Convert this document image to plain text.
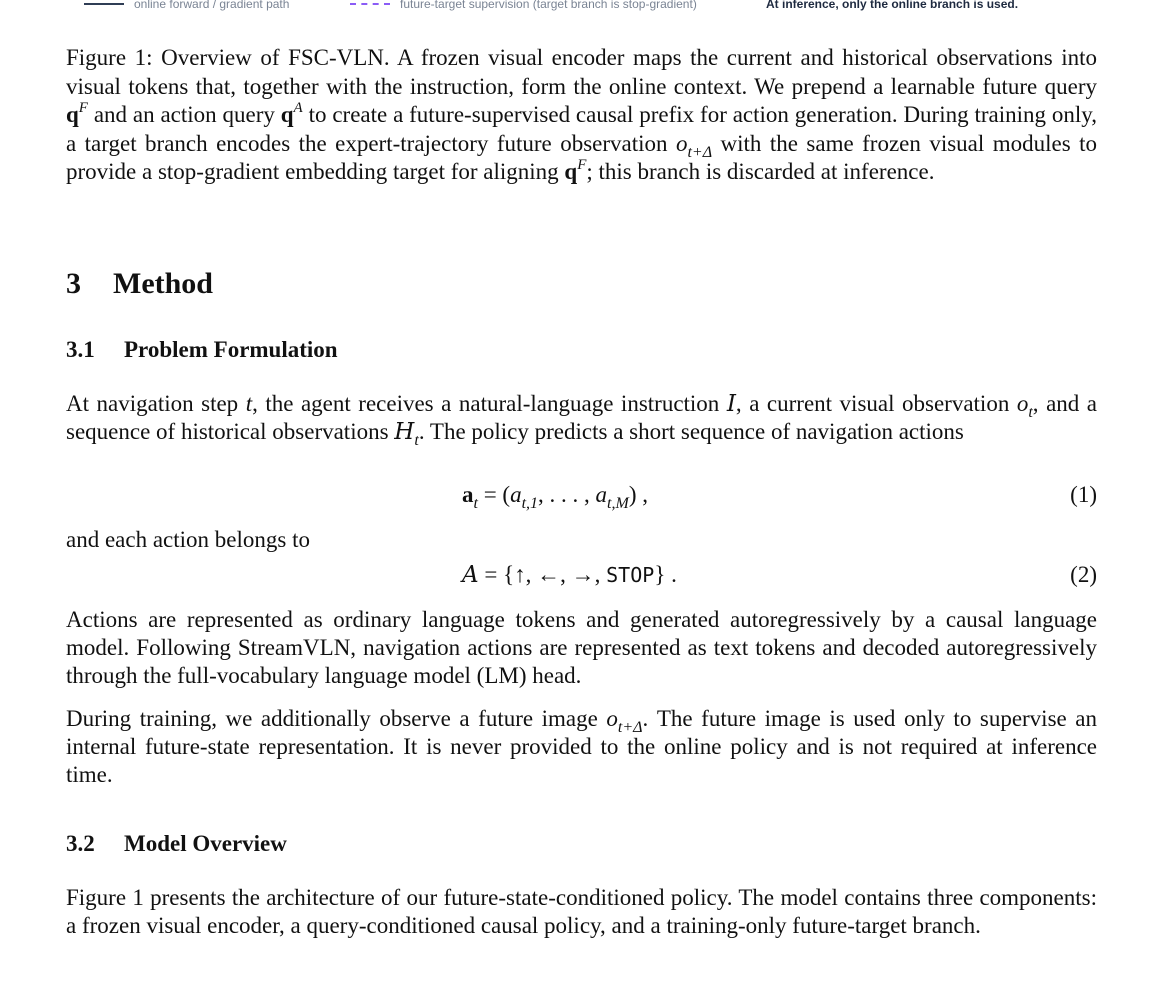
online forward / gradient path	future-target supervision (target branch is stop-gradient)	At inference, only the online branch is used.
Figure 1: Overview of FSC-VLN. A frozen visual encoder maps the current and historical observations into visual tokens that, together with the instruction, form the online context. We prepend a learnable future query $q^F$ and an action query $q^A$ to create a future-supervised causal prefix for action generation. During training only, a target branch encodes the expert-trajectory future observation $o_{t+\Delta}$ with the same frozen visual modules to provide a stop-gradient embedding target for aligning $q^F$; this branch is discarded at inference.
3 Method
3.1 Problem Formulation
At navigation step t, the agent receives a natural-language instruction I, a current visual observation $o_t$, and a sequence of historical observations $H_t$. The policy predicts a short sequence of navigation actions
$a_t = (a_{t,1}$, . . . , $a_{t,M}$) ,	(1)
and each action belongs to
A = {↑, ←, →, STOP} .	(2)
Actions are represented as ordinary language tokens and generated autoregressively by a causal language model. Following StreamVLN, navigation actions are represented as text tokens and decoded autoregressively through the full-vocabulary language model (LM) head.
During training, we additionally observe a future image $o_{t+\Delta}$. The future image is used only to supervise an internal future-state representation. It is never provided to the online policy and is not required at inference time.
3.2 Model Overview
Figure 1 presents the architecture of our future-state-conditioned policy. The model contains three components: a frozen visual encoder, a query-conditioned causal policy, and a training-only future-target branch.
